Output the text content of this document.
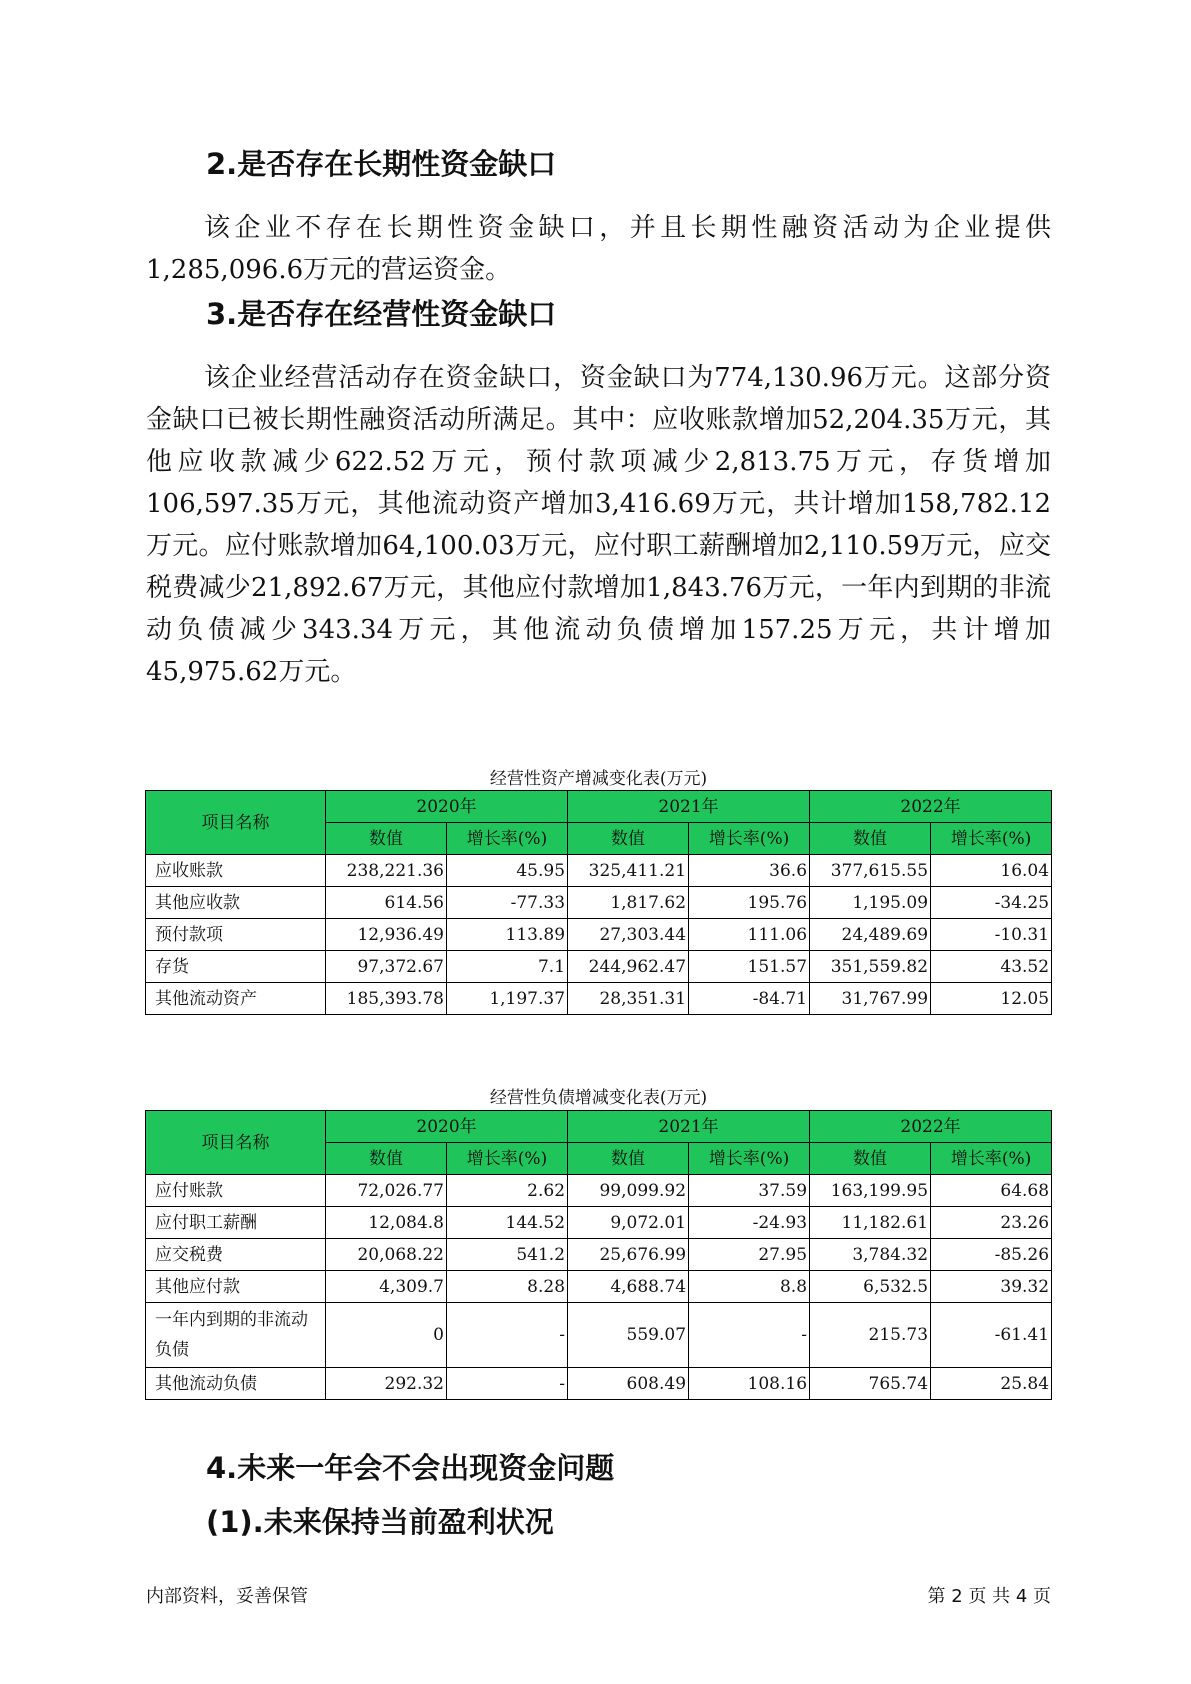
2.是否存在长期性资金缺口

该企业不存在长期性资金缺口，并且长期性融资活动为企业提供1,285,096.6万元的营运资金。

3.是否存在经营性资金缺口

该企业经营活动存在资金缺口，资金缺口为774,130.96万元。这部分资金缺口已被长期性融资活动所满足。其中：应收账款增加52,204.35万元，其他应收款减少622.52万元，预付款项减少2,813.75万元，存货增加106,597.35万元，其他流动资产增加3,416.69万元，共计增加158,782.12万元。应付账款增加64,100.03万元，应付职工薪酬增加2,110.59万元，应交税费减少21,892.67万元，其他应付款增加1,843.76万元，一年内到期的非流动负债减少343.34万元，其他流动负债增加157.25万元，共计增加45,975.62万元。

经营性资产增减变化表(万元)

项目名称	2020年		2021年		2022年	
	数值	增长率(%)	数值	增长率(%)	数值	增长率(%)
应收账款	238,221.36	45.95	325,411.21	36.6	377,615.55	16.04
其他应收款	614.56	-77.33	1,817.62	195.76	1,195.09	-34.25
预付款项	12,936.49	113.89	27,303.44	111.06	24,489.69	-10.31
存货	97,372.67	7.1	244,962.47	151.57	351,559.82	43.52
其他流动资产	185,393.78	1,197.37	28,351.31	-84.71	31,767.99	12.05

经营性负债增减变化表(万元)

项目名称	2020年		2021年		2022年	
	数值	增长率(%)	数值	增长率(%)	数值	增长率(%)
应付账款	72,026.77	2.62	99,099.92	37.59	163,199.95	64.68
应付职工薪酬	12,084.8	144.52	9,072.01	-24.93	11,182.61	23.26
应交税费	20,068.22	541.2	25,676.99	27.95	3,784.32	-85.26
其他应付款	4,309.7	8.28	4,688.74	8.8	6,532.5	39.32
一年内到期的非流动负债	0	-	559.07	-	215.73	-61.41
其他流动负债	292.32	-	608.49	108.16	765.74	25.84
4.未来一年会不会出现资金问题
(1).未来保持当前盈利状况

内部资料，妥善保管	第 2 页 共 4 页
